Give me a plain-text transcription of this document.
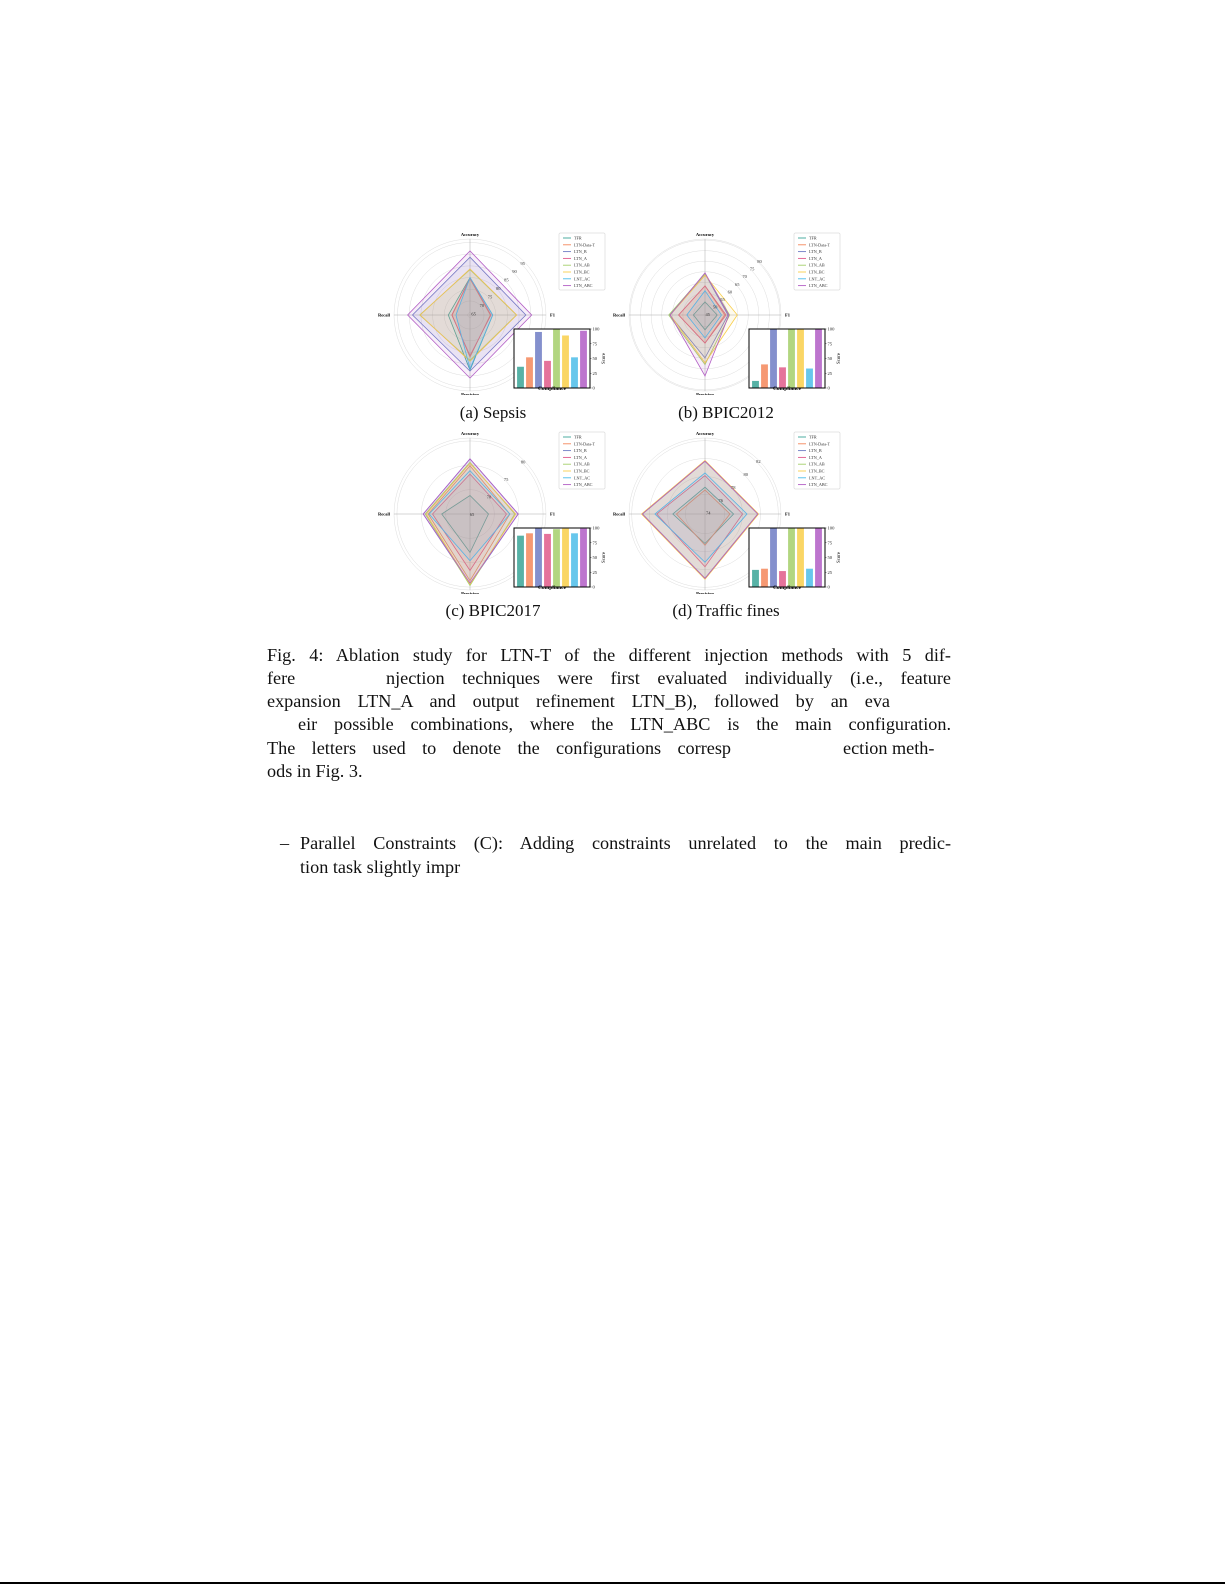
65
70
75
80
85
90
95
Accuracy
F1
Precision
Recall
TFR
LTN-Data-T
LTN_B
LTN_A
LTN_AB
LTN_BC
LNT_AC
LTN_ABC
0
25
50
75
100
Score
Compliance
45
50
55
60
65
70
75
80
Accuracy
F1
Precision
Recall
TFR
LTN-Data-T
LTN_B
LTN_A
LTN_AB
LTN_BC
LNT_AC
LTN_ABC
0
25
50
75
100
Score
Compliance
65
70
75
80
Accuracy
F1
Precision
Recall
TFR
LTN-Data-T
LTN_B
LTN_A
LTN_AB
LTN_BC
LNT_AC
LTN_ABC
0
25
50
75
100
Score
Compliance
74
76
78
80
82
Accuracy
F1
Precision
Recall
TFR
LTN-Data-T
LTN_B
LTN_A
LTN_AB
LTN_BC
LNT_AC
LTN_ABC
0
25
50
75
100
Score
Compliance
(a) Sepsis	(b) BPIC2012
(c) BPIC2017	(d) Traffic fines
Fig. 4: Ablation study for LTN-T of the different injection methods with 5 dif-
fere	njection techniques were first evaluated individually (i.e., feature
expansion LTN_A and output refinement LTN_B), followed by an eva
eir possible combinations, where the LTN_ABC is the main configuration.
The letters used to denote the configurations corresp	ection meth-
ods in Fig. 3.
– Parallel Constraints (C): Adding constraints unrelated to the main predic-
tion task slightly impr
